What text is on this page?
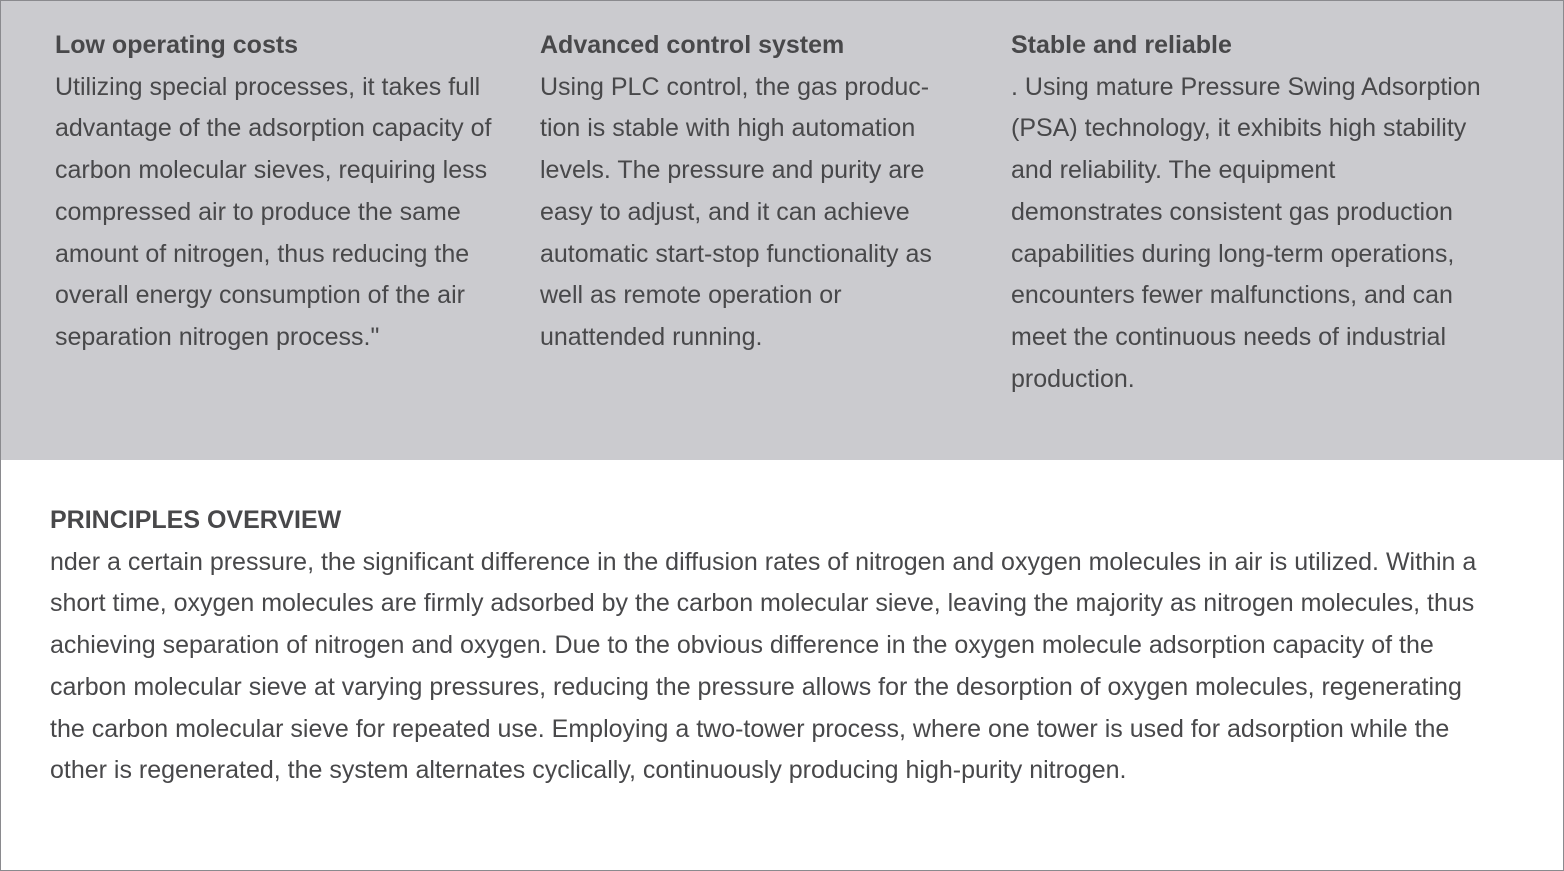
Low operating costs

Utilizing special processes, it takes full advantage of the adsorption capacity of carbon molecular sieves, requiring less compressed air to produce the same amount of nitrogen, thus reducing the overall energy consumption of the air separation nitrogen process."

Advanced control system

Using PLC control, the gas production is stable with high automation levels. The pressure and purity are easy to adjust, and it can achieve automatic start-stop functionality as well as remote operation or unattended running.

Stable and reliable

. Using mature Pressure Swing Adsorption (PSA) technology, it exhibits high stability and reliability. The equipment demonstrates consistent gas production capabilities during long-term operations, encounters fewer malfunctions, and can meet the continuous needs of industrial production.

PRINCIPLES OVERVIEW

nder a certain pressure, the significant difference in the diffusion rates of nitrogen and oxygen molecules in air is utilized. Within a short time, oxygen molecules are firmly adsorbed by the carbon molecular sieve, leaving the majority as nitrogen molecules, thus achieving separation of nitrogen and oxygen. Due to the obvious difference in the oxygen molecule adsorption capacity of the carbon molecular sieve at varying pressures, reducing the pressure allows for the desorption of oxygen molecules, regenerating the carbon molecular sieve for repeated use. Employing a two-tower process, where one tower is used for adsorption while the other is regenerated, the system alternates cyclically, continuously producing high-purity nitrogen.
